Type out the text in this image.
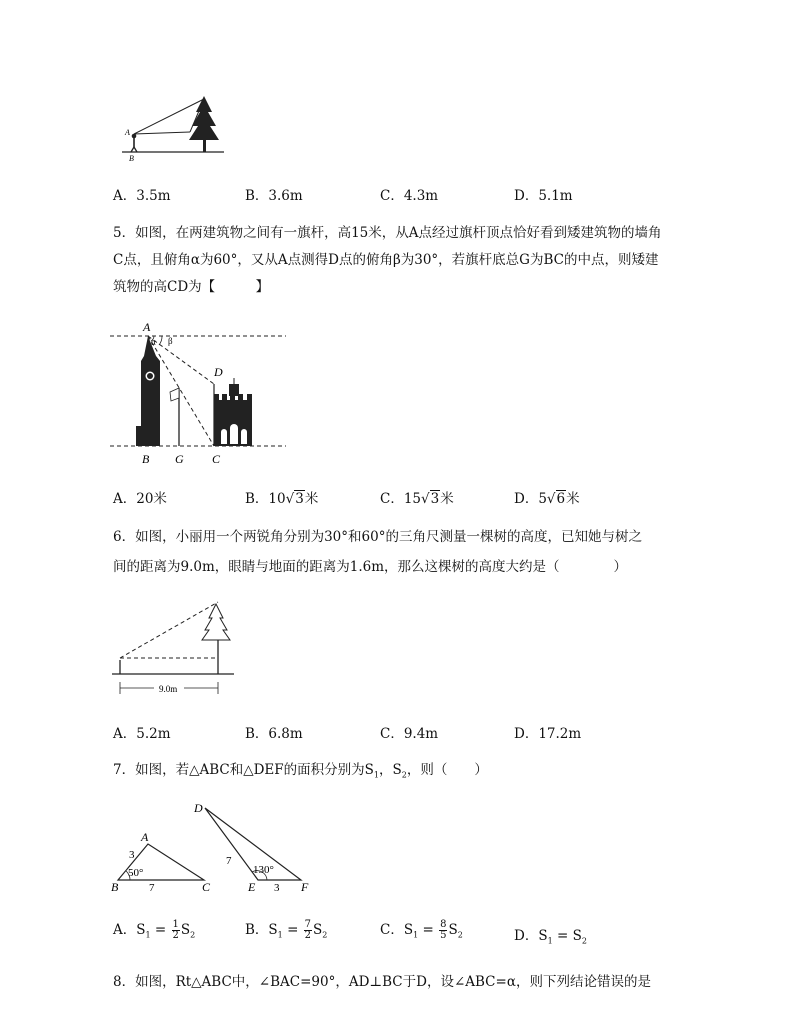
A
B
A．3.5m	B．3.6m	C．4.3m	D．5.1m
5．如图，在两建筑物之间有一旗杆，高15米，从A点经过旗杆顶点恰好看到矮建筑物的墙角
C点，且俯角α为60°，又从A点测得D点的俯角β为30°，若旗杆底总G为BC的中点，则矮建
筑物的高CD为【　　　】
A
α β
D
B G C
A．20米	B．10√3米	C．15√3米	D．5√6米
6．如图，小丽用一个两锐角分别为30°和60°的三角尺测量一棵树的高度，已知她与树之
间的距离为9.0m，眼睛与地面的距离为1.6m，那么这棵树的高度大约是（　　　　）
9.0m
A．5.2m	B．6.8m	C．9.4m	D．17.2m
7．如图，若△ABC和△DEF的面积分别为$S_1$，$S_2$，则（　　）
A
B	C
3
7
50°
D
E	F
7
3
130°
A．$S_1 = \frac{1}{2} S_2$	B．$S_1 = \frac{7}{2} S_2$	C．$S_1 = \frac{8}{5} S_2$	D．$S_1 = S_2$
8．如图，Rt△ABC中，∠BAC=90°，AD⊥BC于D，设∠ABC=α，则下列结论错误的是
